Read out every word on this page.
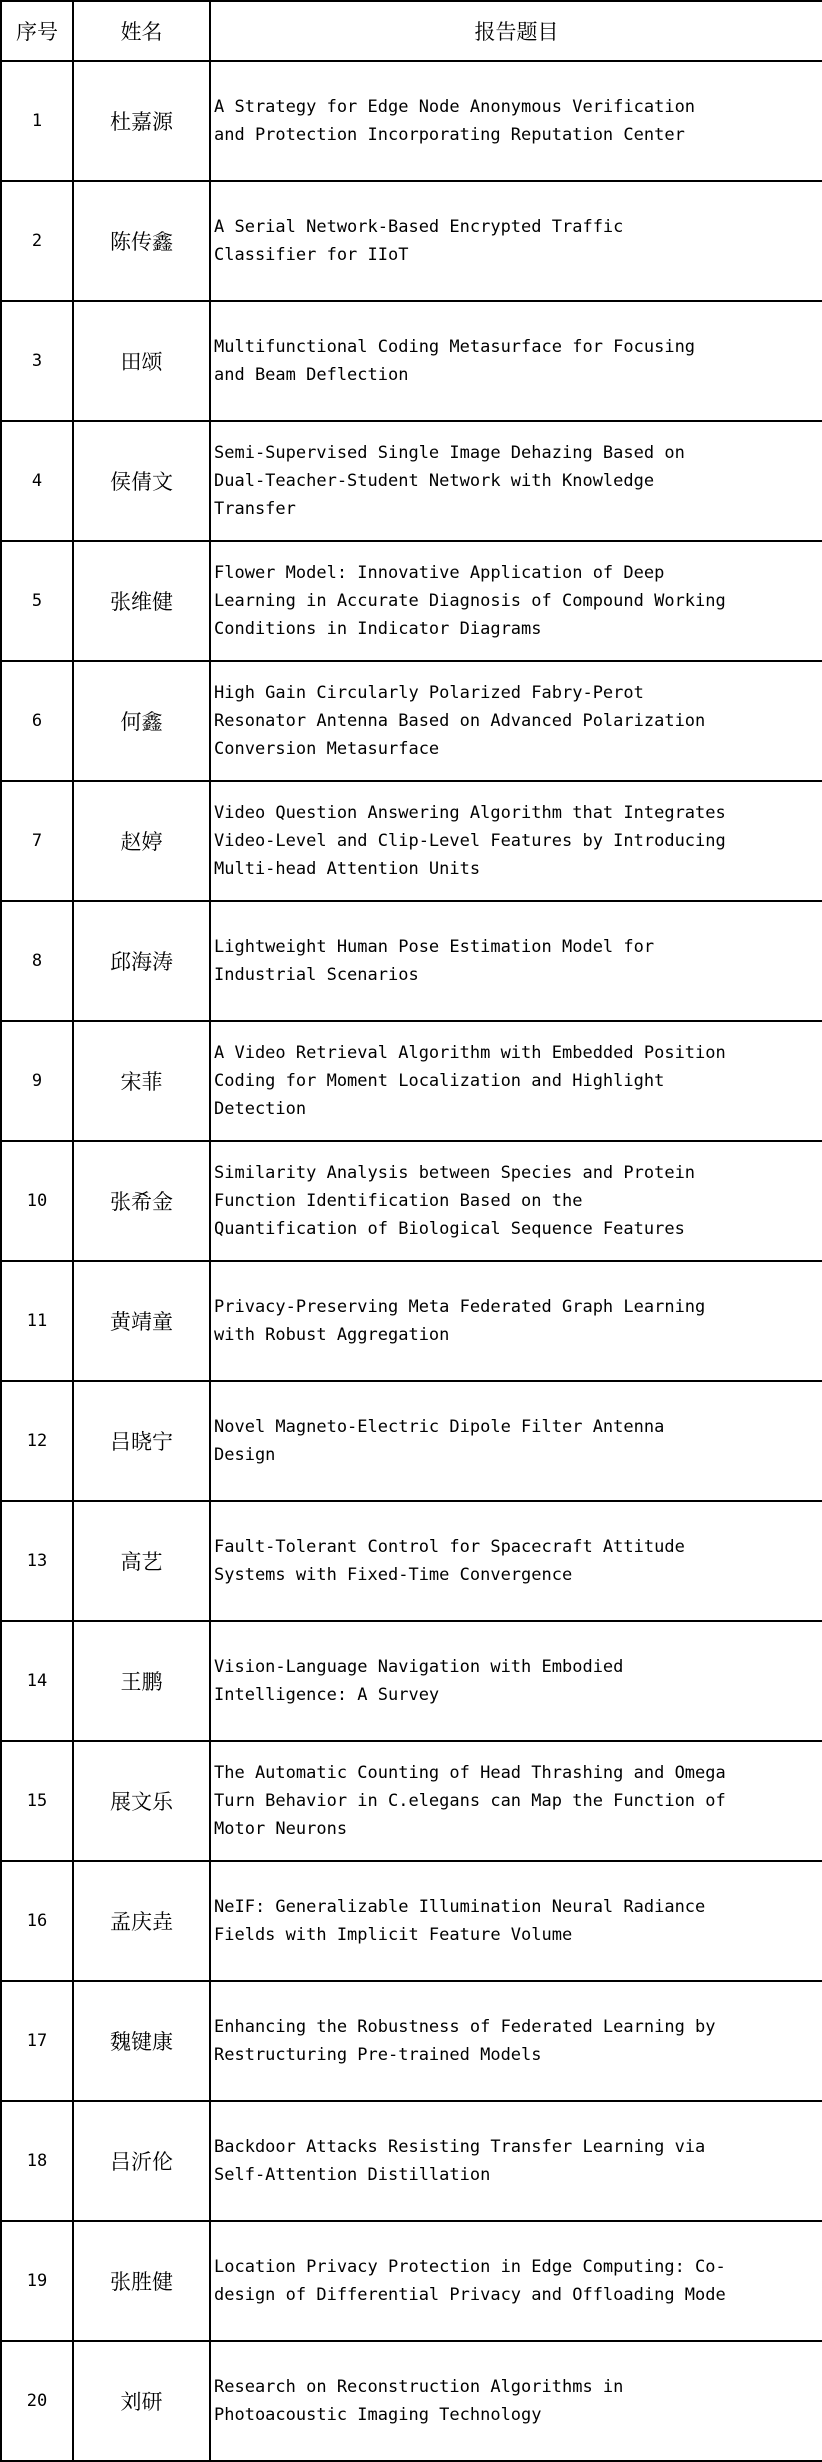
序号	姓名	报告题目
1	杜嘉源	A Strategy for Edge Node Anonymous Verification and Protection Incorporating Reputation Center

2	陈传鑫	A Serial Network-Based Encrypted Traffic Classifier for IIoT

3	田颂	Multifunctional Coding Metasurface for Focusing and Beam Deflection

4	侯倩文	Semi-Supervised Single Image Dehazing Based on Dual-Teacher-Student Network with Knowledge Transfer

5	张维健	Flower Model: Innovative Application of Deep Learning in Accurate Diagnosis of Compound Working Conditions in Indicator Diagrams

6	何鑫	High Gain Circularly Polarized Fabry-Perot Resonator Antenna Based on Advanced Polarization Conversion Metasurface

7	赵婷	Video Question Answering Algorithm that Integrates Video-Level and Clip-Level Features by Introducing Multi-head Attention Units

8	邱海涛	Lightweight Human Pose Estimation Model for Industrial Scenarios

9	宋菲	A Video Retrieval Algorithm with Embedded Position Coding for Moment Localization and Highlight Detection

10	张希金	Similarity Analysis between Species and Protein Function Identification Based on the Quantification of Biological Sequence Features

11	黄靖童	Privacy-Preserving Meta Federated Graph Learning with Robust Aggregation

12	吕晓宁	Novel Magneto-Electric Dipole Filter Antenna Design

13	高艺	Fault-Tolerant Control for Spacecraft Attitude Systems with Fixed-Time Convergence

14	王鹏	Vision-Language Navigation with Embodied Intelligence: A Survey

15	展文乐	The Automatic Counting of Head Thrashing and Omega Turn Behavior in C.elegans can Map the Function of Motor Neurons

16	孟庆垚	NeIF: Generalizable Illumination Neural Radiance Fields with Implicit Feature Volume

17	魏键康	Enhancing the Robustness of Federated Learning by Restructuring Pre-trained Models

18	吕沂伦	Backdoor Attacks Resisting Transfer Learning via Self-Attention Distillation

19	张胜健	Location Privacy Protection in Edge Computing: Co-design of Differential Privacy and Offloading Mode

20	刘研	Research on Reconstruction Algorithms in Photoacoustic Imaging Technology
